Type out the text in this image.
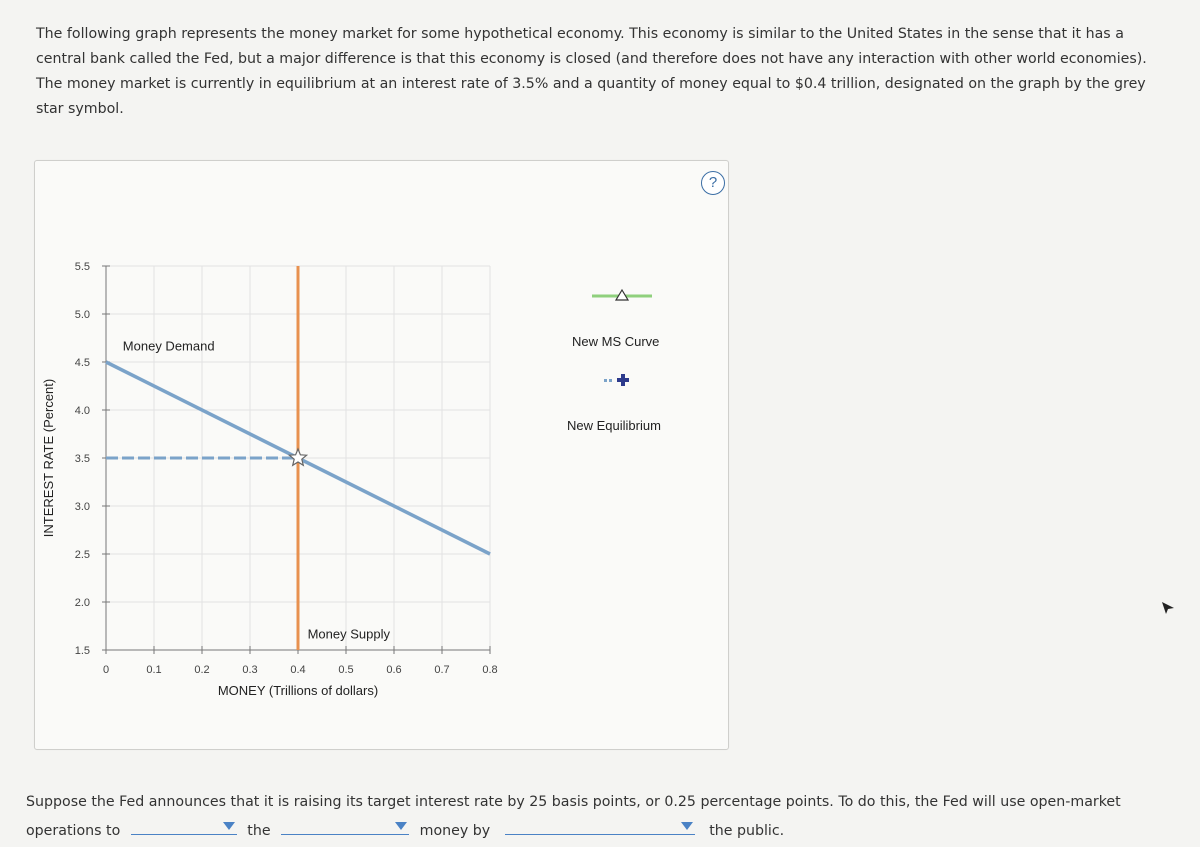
The following graph represents the money market for some hypothetical economy. This economy is similar to the United States in the sense that it has a central bank called the Fed, but a major difference is that this economy is closed (and therefore does not have any interaction with other world economies). The money market is currently in equilibrium at an interest rate of 3.5% and a quantity of money equal to $0.4 trillion, designated on the graph by the grey star symbol.

?
1.5
2.0
2.5
3.0
3.5
4.0
4.5
5.0
5.5
0	0.1	0.2	0.3	0.4	0.5	0.6	0.7	0.8
MONEY (Trillions of dollars)
INTEREST RATE (Percent)
Money Demand
Money Supply
New MS Curve
New Equilibrium
Suppose the Fed announces that it is raising its target interest rate by 25 basis points, or 0.25 percentage points. To do this, the Fed will use open-market operations to	the	money by	the public.
